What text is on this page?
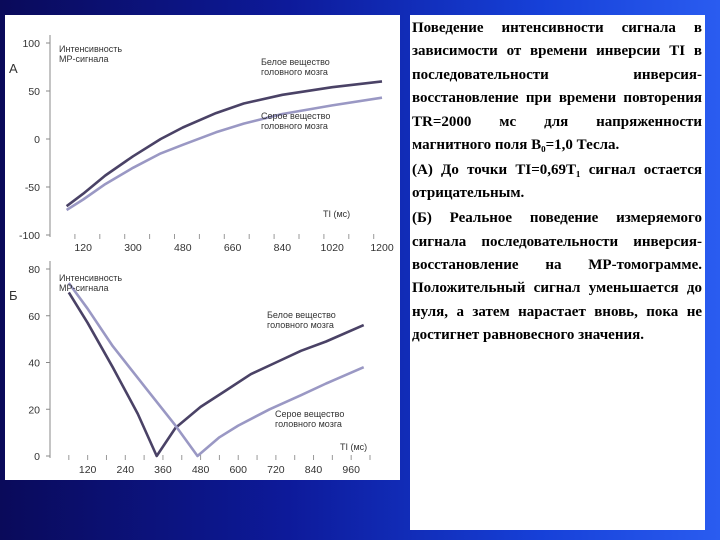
100
50
0
-50
-100
120	300	480	660	840	1020	1200
А
Интенсивность
МР-сигнала
TI (мс)
Белое вещество
головного мозга
Серое вещество
головного мозга
80
60
40
20
0
120 240 360 480 600 720 840 960
Б
Интенсивность
МР-сигнала
TI (мс)
Белое вещество
головного мозга
Серое вещество
головного мозга

Поведение интенсивности сигнала в зависимости от времени инверсии TI в последовательности инверсия-восстановление при времени повторения TR=2000 мс для напряженности магнитного поля B₀=1,0 Тесла.

(А) До точки TI=0,69T₁ сигнал остается отрицательным.

(Б) Реальное поведение измеряемого сигнала последовательности инверсия-восстановление на МР-томограмме. Положительный сигнал уменьшается до нуля, а затем нарастает вновь, пока не достигнет равновесного значения.
